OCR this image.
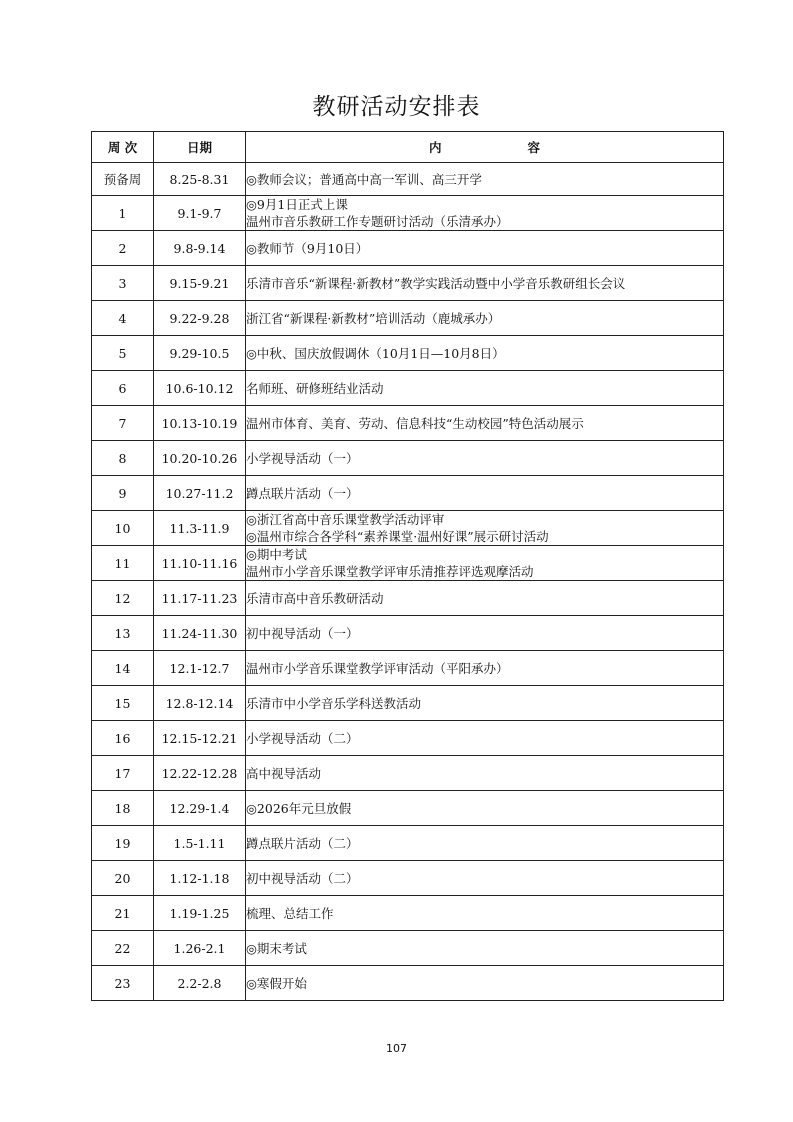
教研活动安排表
周 次	日期	内 容
预备周	8.25-8.31	◎教师会议；普通高中高一军训、高三开学

1	9.1-9.7	◎9月1日正式上课
温州市音乐教研工作专题研讨活动（乐清承办）

2	9.8-9.14	◎教师节（9月10日）

3	9.15-9.21	乐清市音乐“新课程·新教材”教学实践活动暨中小学音乐教研组长会议

4	9.22-9.28	浙江省“新课程·新教材”培训活动（鹿城承办）

5	9.29-10.5	◎中秋、国庆放假调休（10月1日—10月8日）

6	10.6-10.12	名师班、研修班结业活动

7	10.13-10.19	温州市体育、美育、劳动、信息科技“生动校园”特色活动展示

8	10.20-10.26	小学视导活动（一）

9	10.27-11.2	蹲点联片活动（一）

10	11.3-11.9	◎浙江省高中音乐课堂教学活动评审
◎温州市综合各学科“素养课堂·温州好课”展示研讨活动

11	11.10-11.16	◎期中考试
温州市小学音乐课堂教学评审乐清推荐评选观摩活动

12	11.17-11.23	乐清市高中音乐教研活动

13	11.24-11.30	初中视导活动（一）

14	12.1-12.7	温州市小学音乐课堂教学评审活动（平阳承办）

15	12.8-12.14	乐清市中小学音乐学科送教活动

16	12.15-12.21	小学视导活动（二）

17	12.22-12.28	高中视导活动

18	12.29-1.4	◎2026年元旦放假

19	1.5-1.11	蹲点联片活动（二）

20	1.12-1.18	初中视导活动（二）

21	1.19-1.25	梳理、总结工作

22	1.26-2.1	◎期末考试

23	2.2-2.8	◎寒假开始
107
